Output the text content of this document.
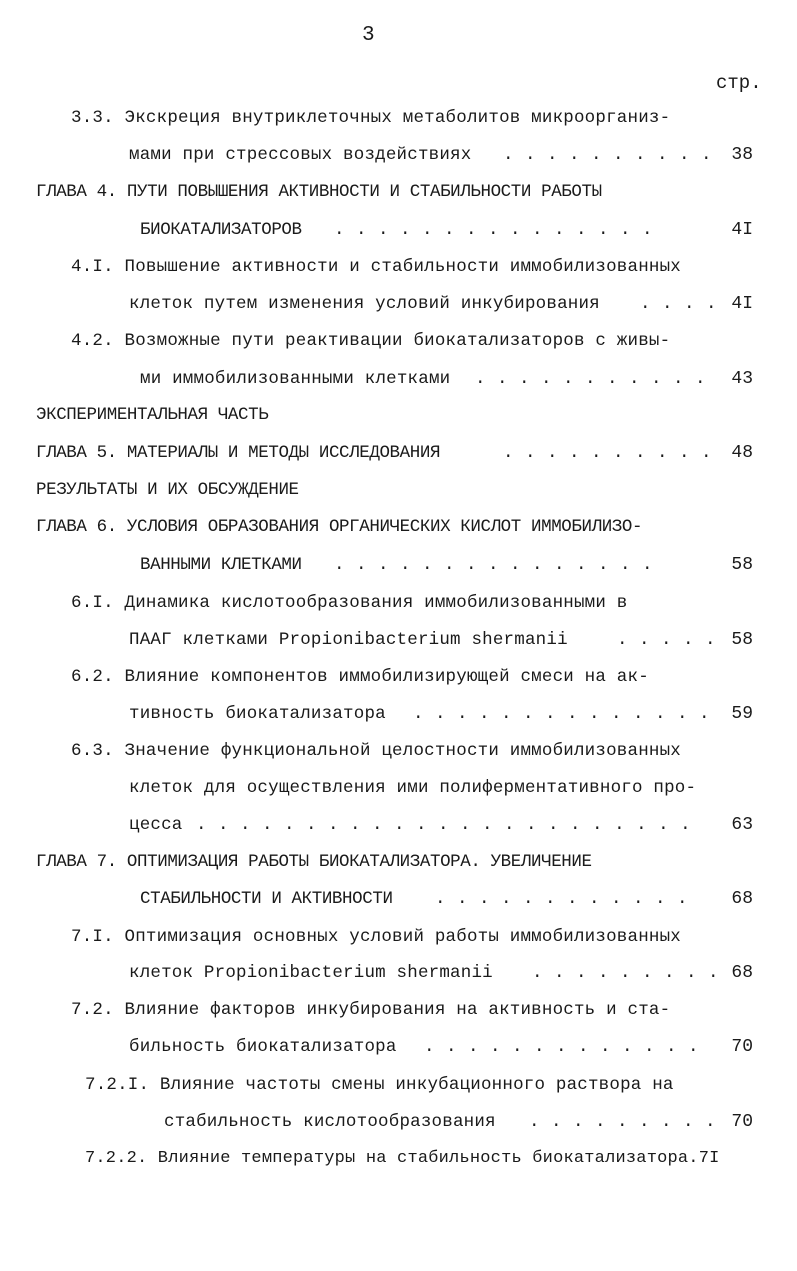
3
стр.
3.3. Экскреция внутриклеточных метаболитов микроорганиз-
мами при стрессовых воздействиях . . . . . . . . . . 38
ГЛАВА 4. ПУТИ ПОВЫШЕНИЯ АКТИВНОСТИ И СТАБИЛЬНОСТИ РАБОТЫ
БИОКАТАЛИЗАТОРОВ . . . . . . . . . . . . . . .	4I
4.I. Повышение активности и стабильности иммобилизованных
клеток путем изменения условий инкубирования . . . . 4I
4.2. Возможные пути реактивации биокатализаторов с живы-
ми иммобилизованными клетками . . . . . . . . . . . 43
ЭКСПЕРИМЕНТАЛЬНАЯ ЧАСТЬ
ГЛАВА 5. МАТЕРИАЛЫ И МЕТОДЫ ИССЛЕДОВАНИЯ	. . . . . . . . . . 48
РЕЗУЛЬТАТЫ И ИХ ОБСУЖДЕНИЕ
ГЛАВА 6. УСЛОВИЯ ОБРАЗОВАНИЯ ОРГАНИЧЕСКИХ КИСЛОТ ИММОБИЛИЗО-
ВАННЫМИ КЛЕТКАМИ . . . . . . . . . . . . . . .	58
6.I. Динамика кислотообразования иммобилизованными в
ПААГ клетками Propionibacterium shermanii	. . . . . 58
6.2. Влияние компонентов иммобилизирующей смеси на ак-
тивность биокатализатора . . . . . . . . . . . . . . 59
6.3. Значение функциональной целостности иммобилизованных
клеток для осуществления ими полиферментативного про-
цесса . . . . . . . . . . . . . . . . . . . . . . . 63
ГЛАВА 7. ОПТИМИЗАЦИЯ РАБОТЫ БИОКАТАЛИЗАТОРА. УВЕЛИЧЕНИЕ
СТАБИЛЬНОСТИ И АКТИВНОСТИ . . . . . . . . . . . . 68
7.I. Оптимизация основных условий работы иммобилизованных
клеток Propionibacterium shermanii . . . . . . . . . 68
7.2. Влияние факторов инкубирования на активность и ста-
бильность биокатализатора . . . . . . . . . . . . . 70
7.2.I. Влияние частоты смены инкубационного раствора на
стабильность кислотообразования . . . . . . . . . 70
7.2.2. Влияние температуры на стабильность биокатализатора.7I
